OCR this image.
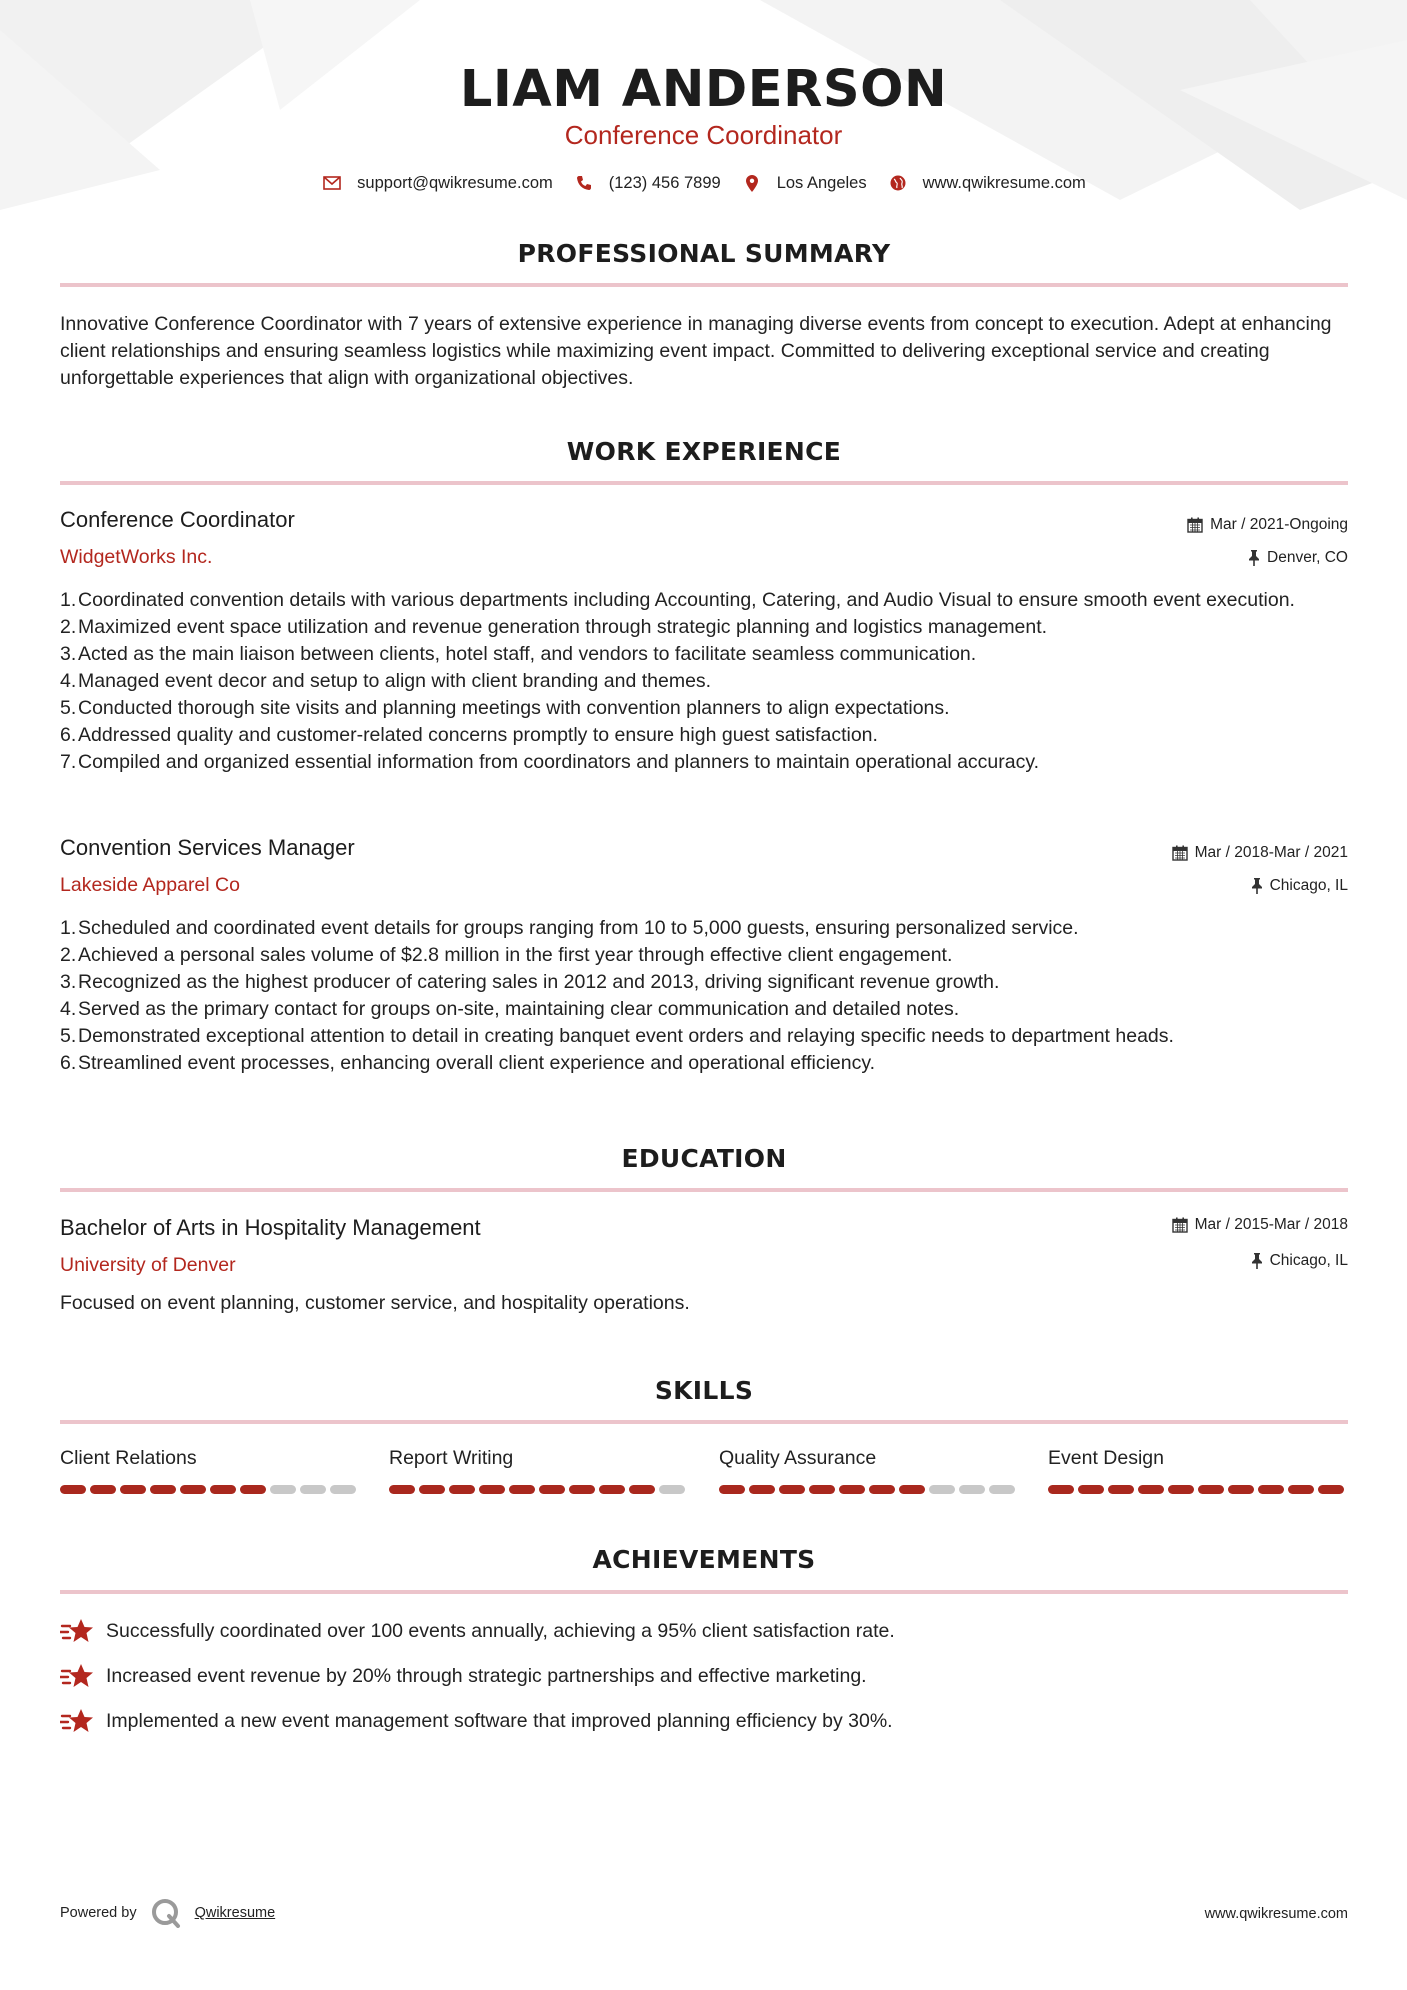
LIAM ANDERSON
Conference Coordinator
support@qwikresume.com	(123) 456 7899	Los Angeles	www.qwikresume.com
PROFESSIONAL SUMMARY
Innovative Conference Coordinator with 7 years of extensive experience in managing diverse events from concept to execution. Adept at enhancing client relationships and ensuring seamless logistics while maximizing event impact. Committed to delivering exceptional service and creating unforgettable experiences that align with organizational objectives.
WORK EXPERIENCE
Conference Coordinator	Mar / 2021-Ongoing
WidgetWorks Inc.	Denver, CO
1. Coordinated convention details with various departments including Accounting, Catering, and Audio Visual to ensure smooth event execution.
2. Maximized event space utilization and revenue generation through strategic planning and logistics management.
3. Acted as the main liaison between clients, hotel staff, and vendors to facilitate seamless communication.
4. Managed event decor and setup to align with client branding and themes.
5. Conducted thorough site visits and planning meetings with convention planners to align expectations.
6. Addressed quality and customer-related concerns promptly to ensure high guest satisfaction.
7. Compiled and organized essential information from coordinators and planners to maintain operational accuracy.
Convention Services Manager	Mar / 2018-Mar / 2021
Lakeside Apparel Co	Chicago, IL
1. Scheduled and coordinated event details for groups ranging from 10 to 5,000 guests, ensuring personalized service.
2. Achieved a personal sales volume of $2.8 million in the first year through effective client engagement.
3. Recognized as the highest producer of catering sales in 2012 and 2013, driving significant revenue growth.
4. Served as the primary contact for groups on-site, maintaining clear communication and detailed notes.
5. Demonstrated exceptional attention to detail in creating banquet event orders and relaying specific needs to department heads.
6. Streamlined event processes, enhancing overall client experience and operational efficiency.
EDUCATION
Bachelor of Arts in Hospitality Management	Mar / 2015-Mar / 2018
University of Denver	Chicago, IL
Focused on event planning, customer service, and hospitality operations.
SKILLS
Client Relations	Report Writing	Quality Assurance	Event Design
ACHIEVEMENTS
Successfully coordinated over 100 events annually, achieving a 95% client satisfaction rate.
Increased event revenue by 20% through strategic partnerships and effective marketing.
Implemented a new event management software that improved planning efficiency by 30%.
Powered by	Qwikresume	www.qwikresume.com
